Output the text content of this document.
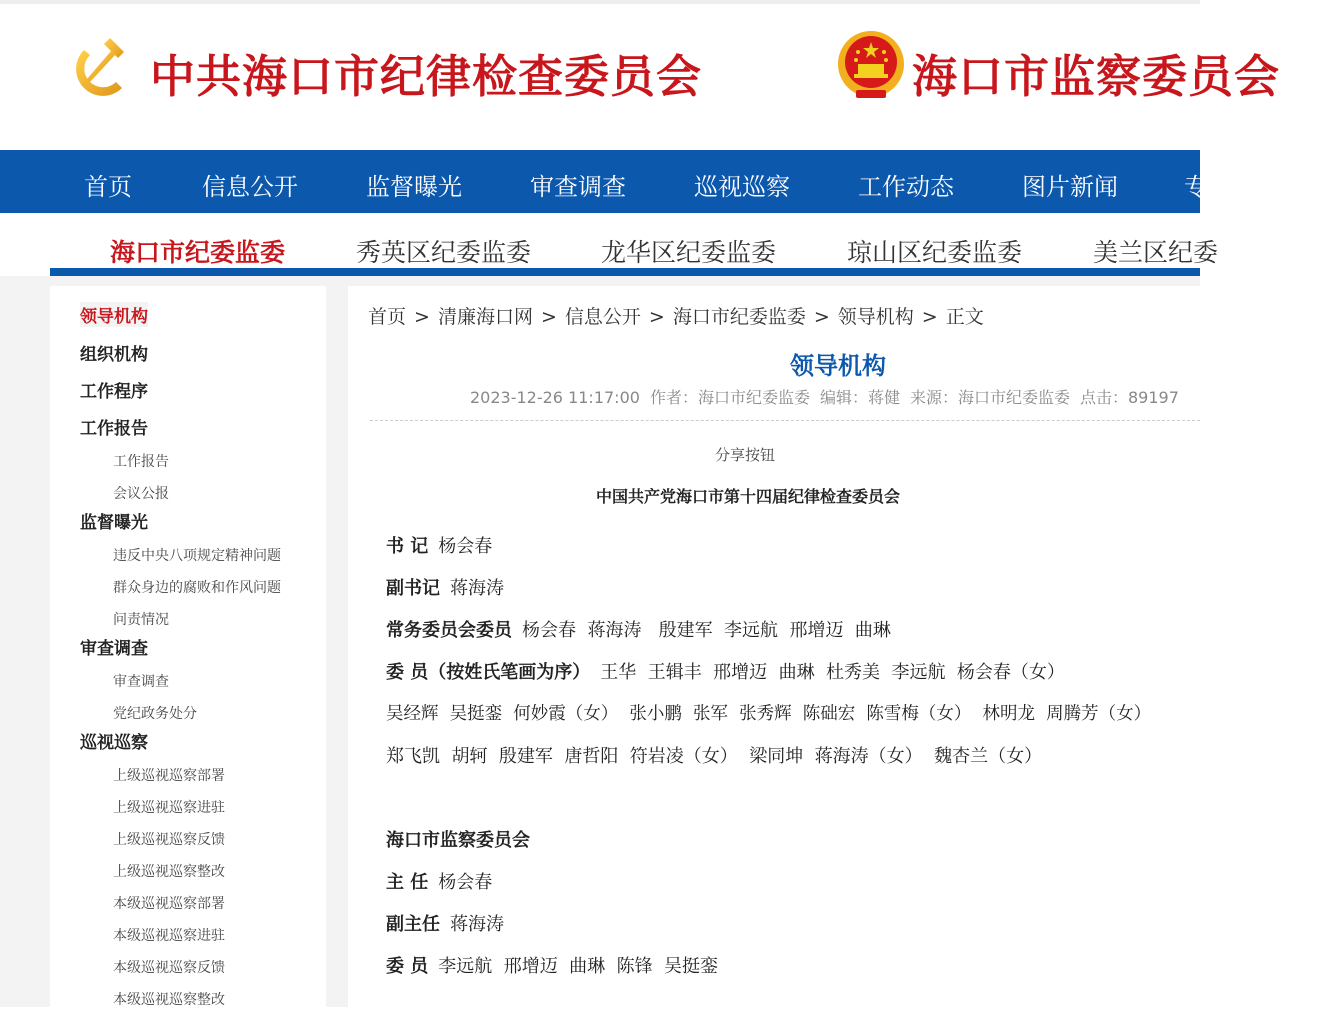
中共海口市纪律检查委员会	海口市监察委员会
首页	信息公开	监督曝光	审查调查	巡视巡察	工作动态	图片新闻	专
海口市纪委监委	秀英区纪委监委	龙华区纪委监委	琼山区纪委监委	美兰区纪委
领导机构
组织机构
工作程序
工作报告
工作报告
会议公报
监督曝光
违反中央八项规定精神问题
群众身边的腐败和作风问题
问责情况
审查调查
审查调查
党纪政务处分
巡视巡察
上级巡视巡察部署
上级巡视巡察进驻
上级巡视巡察反馈
上级巡视巡察整改
本级巡视巡察部署
本级巡视巡察进驻
本级巡视巡察反馈
本级巡视巡察整改
首页 > 清廉海口网 > 信息公开 > 海口市纪委监委 > 领导机构 > 正文
领导机构
2023-12-26 11:17:00 作者：海口市纪委监委 编辑：蒋健 来源：海口市纪委监委 点击：89197
分享按钮
中国共产党海口市第十四届纪律检查委员会
书 记 杨会春
副书记 蒋海涛
常务委员会委员 杨会春  蒋海涛   殷建军  李远航  邢增迈  曲琳
委 员（按姓氏笔画为序） 王华  王辑丰  邢增迈  曲琳  杜秀美  李远航  杨会春（女）
吴经辉  吴挺銮  何妙霞（女）  张小鹏  张军  张秀辉  陈础宏  陈雪梅（女）  林明龙  周腾芳（女）
郑飞凯  胡轲  殷建军  唐哲阳  符岩凌（女）  梁同坤  蒋海涛（女）  魏杏兰（女）
海口市监察委员会
主 任 杨会春
副主任 蒋海涛
委 员 李远航  邢增迈  曲琳  陈锋  吴挺銮
